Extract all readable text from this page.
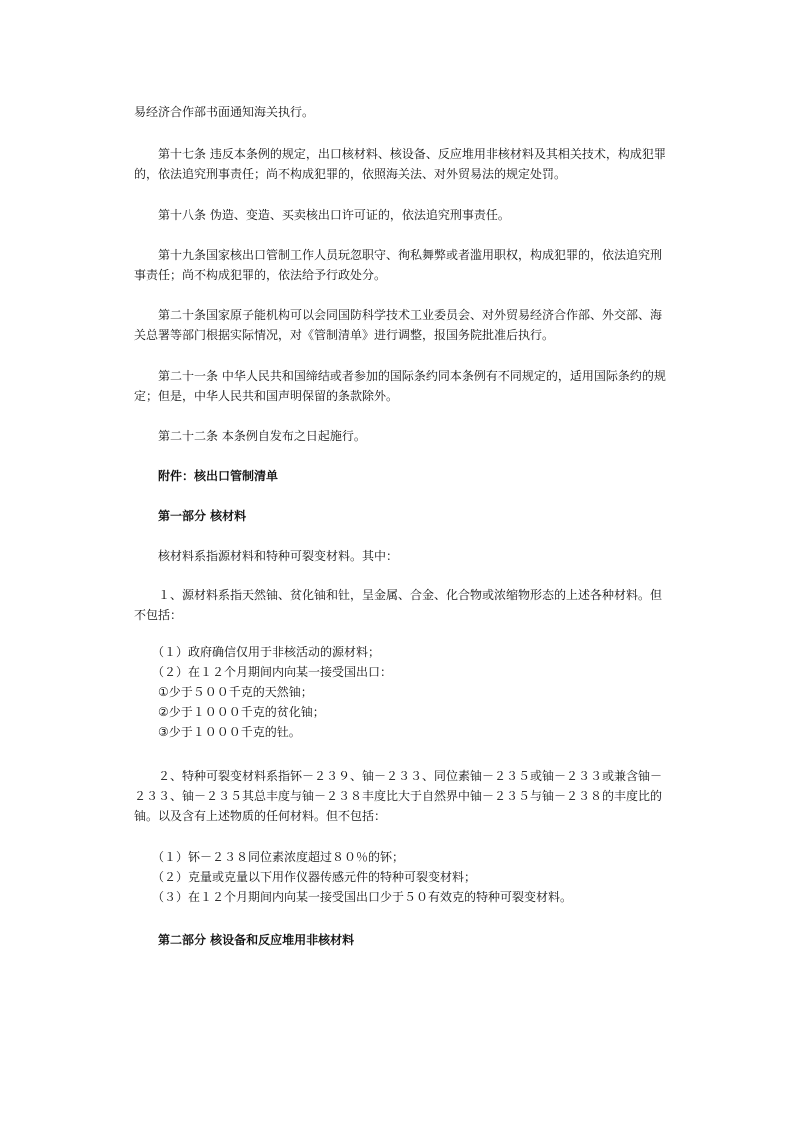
易经济合作部书面通知海关执行。

　　第十七条 违反本条例的规定，出口核材料、核设备、反应堆用非核材料及其相关技术，构成犯罪
的，依法追究刑事责任；尚不构成犯罪的，依照海关法、对外贸易法的规定处罚。

　　第十八条 伪造、变造、买卖核出口许可证的，依法追究刑事责任。

　　第十九条国家核出口管制工作人员玩忽职守、徇私舞弊或者滥用职权，构成犯罪的，依法追究刑
事责任；尚不构成犯罪的，依法给予行政处分。

　　第二十条国家原子能机构可以会同国防科学技术工业委员会、对外贸易经济合作部、外交部、海
关总署等部门根据实际情况，对《管制清单》进行调整，报国务院批准后执行。

　　第二十一条 中华人民共和国缔结或者参加的国际条约同本条例有不同规定的，适用国际条约的规
定；但是，中华人民共和国声明保留的条款除外。

　　第二十二条 本条例自发布之日起施行。

　　附件：核出口管制清单

　　第一部分 核材料

　　核材料系指源材料和特种可裂变材料。其中：

　　１、源材料系指天然铀、贫化铀和钍，呈金属、合金、化合物或浓缩物形态的上述各种材料。但
不包括：

　　（１）政府确信仅用于非核活动的源材料；
　　（２）在１２个月期间内向某一接受国出口：
　　①少于５００千克的天然铀；
　　②少于１０００千克的贫化铀；
　　③少于１０００千克的钍。

　　２、特种可裂变材料系指钚－２３９、铀－２３３、同位素铀－２３５或铀－２３３或兼含铀－
２３３、铀－２３５其总丰度与铀－２３８丰度比大于自然界中铀－２３５与铀－２３８的丰度比的
铀。以及含有上述物质的任何材料。但不包括：

　　（１）钚－２３８同位素浓度超过８０％的钚；
　　（２）克量或克量以下用作仪器传感元件的特种可裂变材料；
　　（３）在１２个月期间内向某一接受国出口少于５０有效克的特种可裂变材料。

　　第二部分 核设备和反应堆用非核材料
